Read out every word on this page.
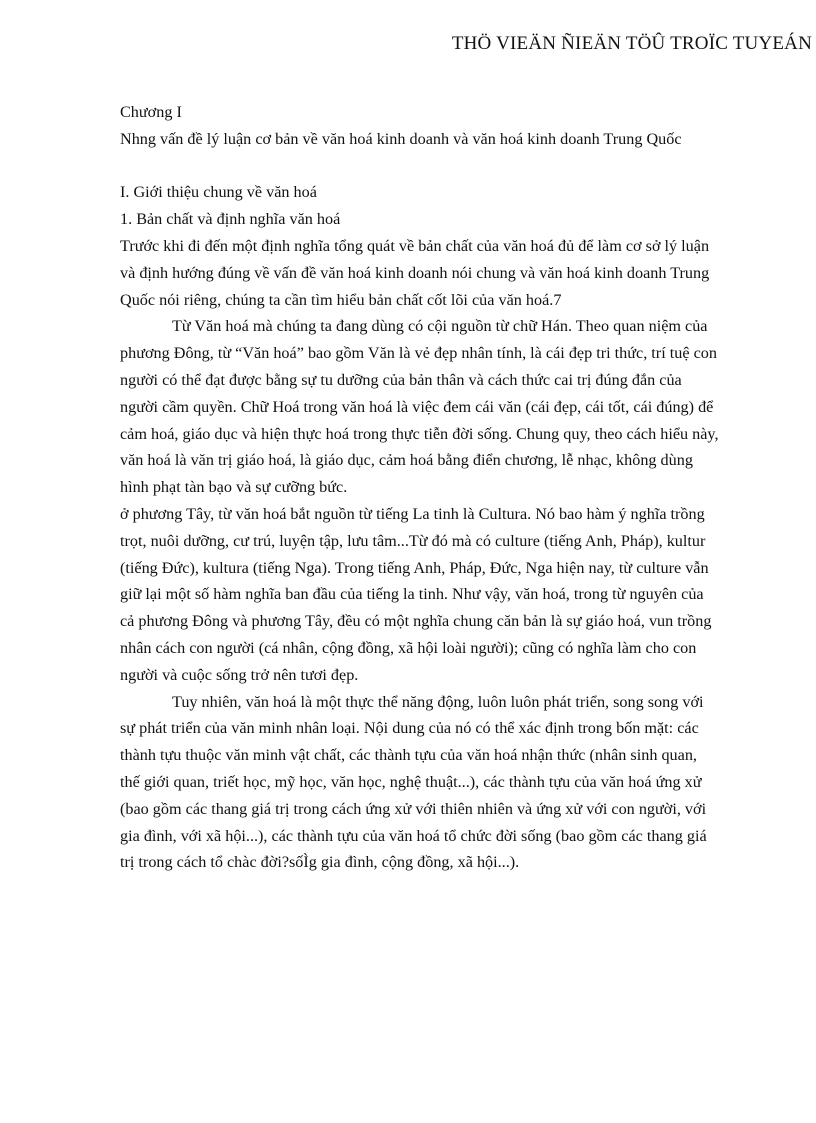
THÖ VIEÄN ÑIEÄN TÖÛ TROÏC TUYEÁN

Chương I

Nhng vấn đề lý luận cơ bản về văn hoá kinh doanh và văn hoá kinh doanh Trung Quốc

I. Giới thiệu chung về văn hoá

1. Bản chất và định nghĩa văn hoá

Trước khi đi đến một định nghĩa tổng quát về bản chất của văn hoá đủ để làm cơ sở lý luận và định hướng đúng về vấn đề văn hoá kinh doanh nói chung và văn hoá kinh doanh Trung Quốc nói riêng, chúng ta cần tìm hiểu bản chất cốt lõi của văn hoá.7

Từ Văn hoá mà chúng ta đang dùng có cội nguồn từ chữ Hán. Theo quan niệm của phương Đông, từ “Văn hoá” bao gồm Văn là vẻ đẹp nhân tính, là cái đẹp tri thức, trí tuệ con người có thể đạt được bằng sự tu dưỡng của bản thân và cách thức cai trị đúng đắn của người cầm quyền. Chữ Hoá trong văn hoá là việc đem cái văn (cái đẹp, cái tốt, cái đúng) để cảm hoá, giáo dục và hiện thực hoá trong thực tiễn đời sống. Chung quy, theo cách hiểu này, văn hoá là văn trị giáo hoá, là giáo dục, cảm hoá bằng điển chương, lễ nhạc, không dùng hình phạt tàn bạo và sự cưỡng bức.

ở phương Tây, từ văn hoá bắt nguồn từ tiếng La tinh là Cultura. Nó bao hàm ý nghĩa trồng trọt, nuôi dưỡng, cư trú, luyện tập, lưu tâm...Từ đó mà có culture (tiếng Anh, Pháp), kultur (tiếng Đức), kultura (tiếng Nga). Trong tiếng Anh, Pháp, Đức, Nga hiện nay, từ culture vẫn giữ lại một số hàm nghĩa ban đầu của tiếng la tinh. Như vậy, văn hoá, trong từ nguyên của cả phương Đông và phương Tây, đều có một nghĩa chung căn bản là sự giáo hoá, vun trồng nhân cách con người (cá nhân, cộng đồng, xã hội loài người); cũng có nghĩa làm cho con người và cuộc sống trở nên tươi đẹp.

Tuy nhiên, văn hoá là một thực thể năng động, luôn luôn phát triển, song song với sự phát triển của văn minh nhân loại. Nội dung của nó có thể xác định trong bốn mặt: các thành tựu thuộc văn minh vật chất, các thành tựu của văn hoá nhận thức (nhân sinh quan, thế giới quan, triết học, mỹ học, văn học, nghệ thuật...), các thành tựu của văn hoá ứng xử (bao gồm các thang giá trị trong cách ứng xử với thiên nhiên và ứng xử với con người, với gia đình, với xã hội...), các thành tựu của văn hoá tổ chức đời sống (bao gồm các thang giá trị trong cách tổ chàc đời?sốÌg gia đình, cộng đồng, xã hội...).
